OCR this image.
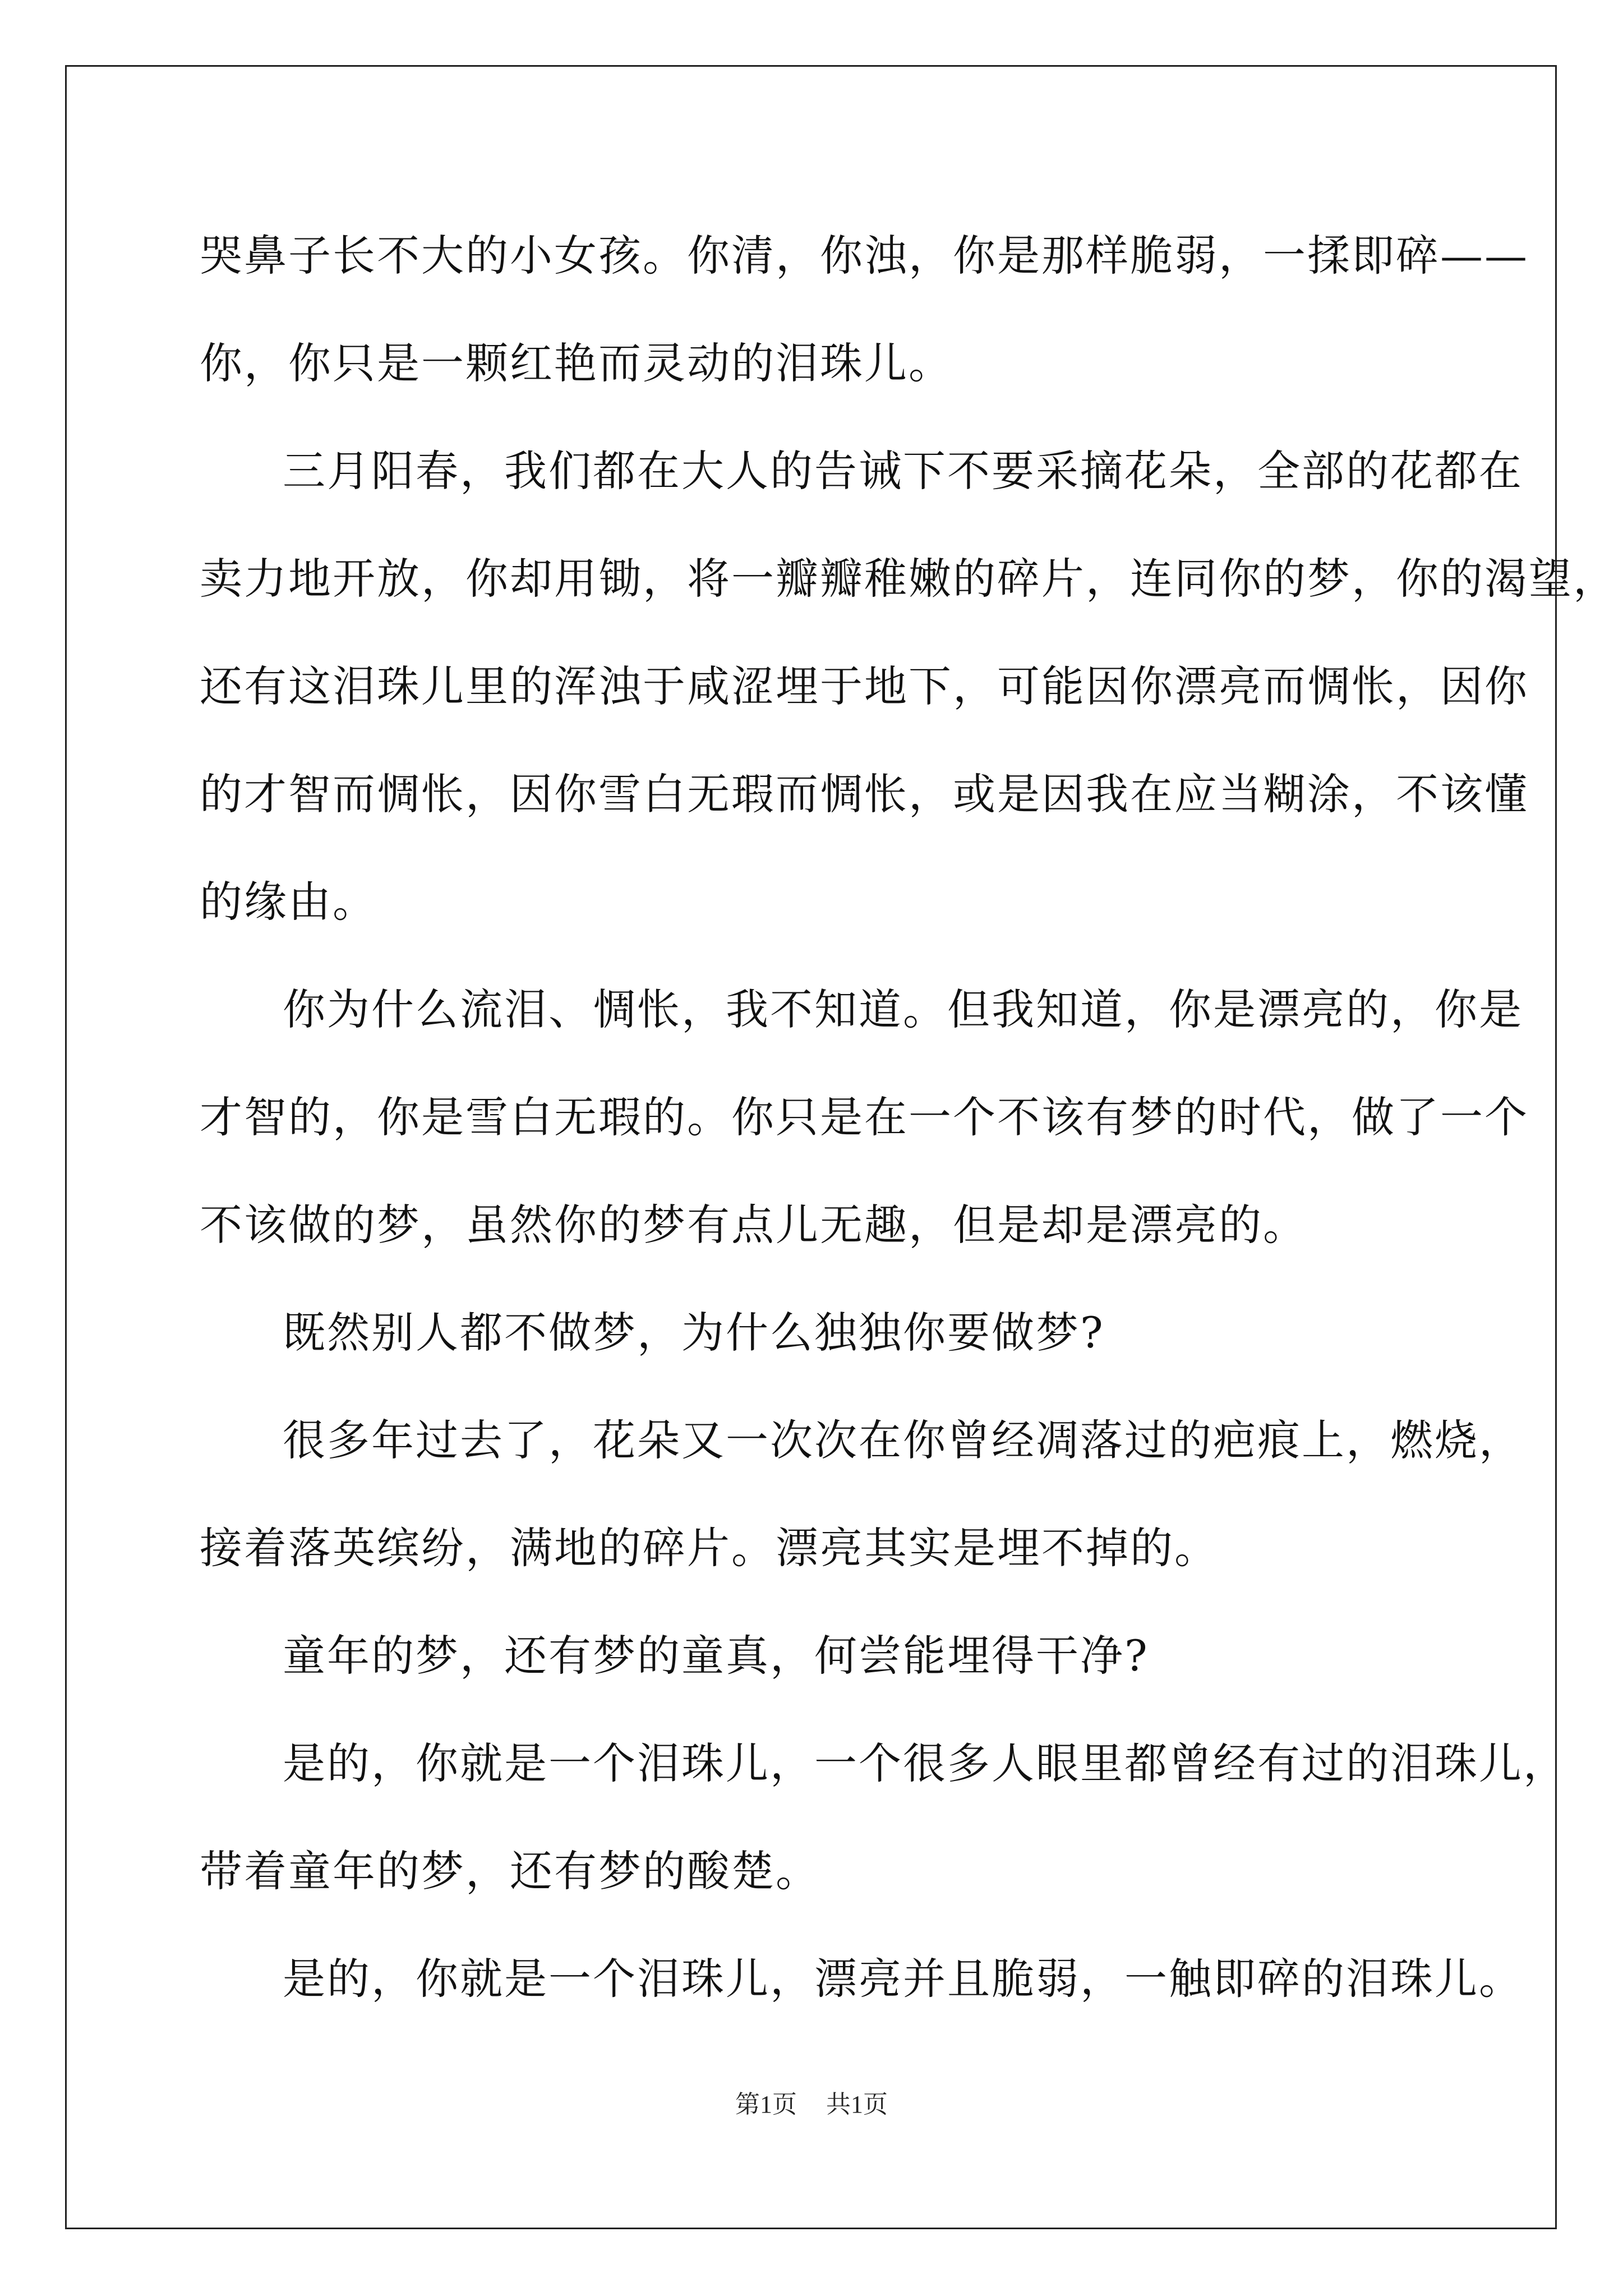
哭鼻子长不大的小女孩。你清，你浊，你是那样脆弱，一揉即碎——
你，你只是一颗红艳而灵动的泪珠儿。
三月阳春，我们都在大人的告诫下不要采摘花朵，全部的花都在
卖力地开放，你却用锄，将一瓣瓣稚嫩的碎片，连同你的梦，你的渴望，
还有这泪珠儿里的浑浊于咸涩埋于地下，可能因你漂亮而惆怅，因你
的才智而惆怅，因你雪白无瑕而惆怅，或是因我在应当糊涂，不该懂
的缘由。
你为什么流泪、惆怅，我不知道。但我知道，你是漂亮的，你是
才智的，你是雪白无瑕的。你只是在一个不该有梦的时代，做了一个
不该做的梦，虽然你的梦有点儿无趣，但是却是漂亮的。
既然别人都不做梦，为什么独独你要做梦?
很多年过去了，花朵又一次次在你曾经凋落过的疤痕上，燃烧，
接着落英缤纷，满地的碎片。漂亮其实是埋不掉的。
童年的梦，还有梦的童真，何尝能埋得干净?
是的，你就是一个泪珠儿，一个很多人眼里都曾经有过的泪珠儿，
带着童年的梦，还有梦的酸楚。
是的，你就是一个泪珠儿，漂亮并且脆弱，一触即碎的泪珠儿。
第1页 共1页
